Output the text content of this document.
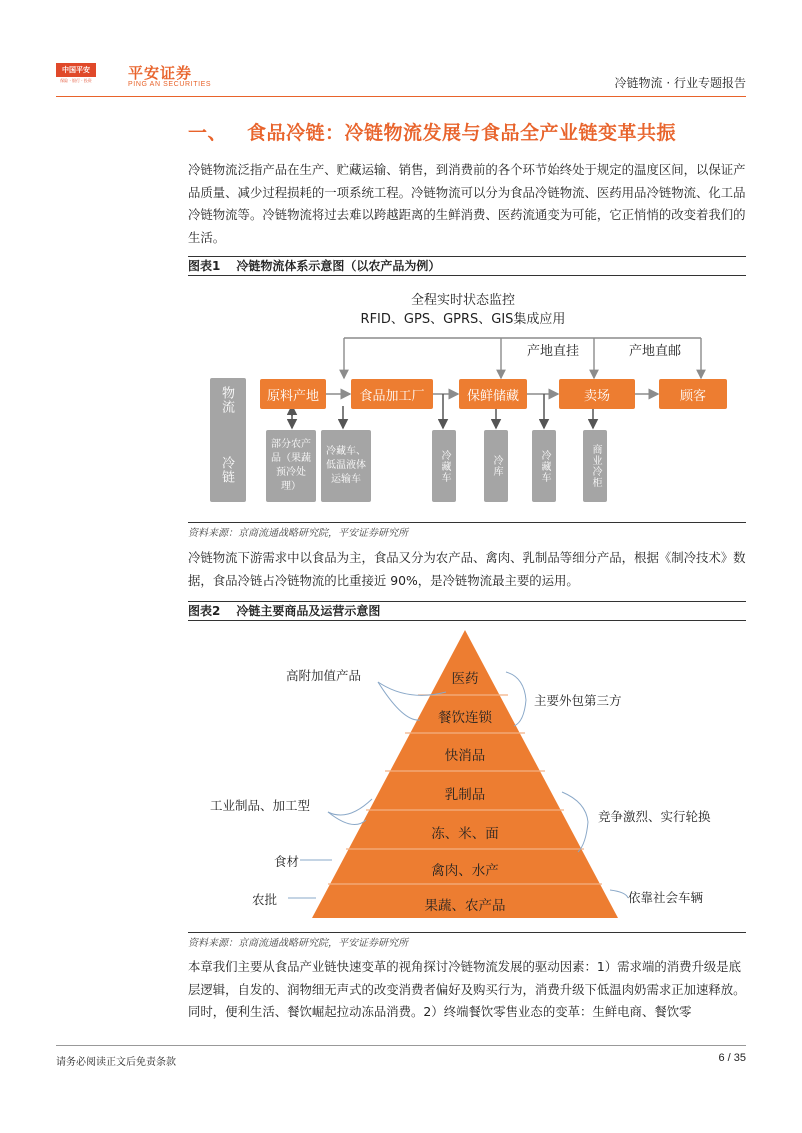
中国平安
保险 · 银行 · 投资 平安证券
PING AN SECURITIES	冷链物流 · 行业专题报告
一、 食品冷链：冷链物流发展与食品全产业链变革共振
冷链物流泛指产品在生产、贮藏运输、销售，到消费前的各个环节始终处于规定的温度区间，以保证产品质量、减少过程损耗的一项系统工程。冷链物流可以分为食品冷链物流、医药用品冷链物流、化工品冷链物流等。冷链物流将过去难以跨越距离的生鲜消费、医药流通变为可能，它正悄悄的改变着我们的生活。
图表1 冷链物流体系示意图（以农产品为例）
全程实时状态监控
RFID、GPS、GPRS、GIS集成应用
产地直挂	产地直邮
物流
冷链
原料产地	食品加工厂	保鲜储藏	卖场	顾客
部分农产品（果蔬预冷处理）
冷藏车、低温液体运输车	冷藏车	冷库	冷藏车	商业冷柜
资料来源：京商流通战略研究院，平安证券研究所
冷链物流下游需求中以食品为主，食品又分为农产品、禽肉、乳制品等细分产品，根据《制冷技术》数据，食品冷链占冷链物流的比重接近 90%，是冷链物流最主要的运用。
图表2 冷链主要商品及运营示意图
医药
餐饮连锁
快消品
乳制品
冻、米、面
禽肉、水产
果蔬、农产品
高附加值产品
工业制品、加工型
食材
农批
主要外包第三方
竞争激烈、实行轮换
依靠社会车辆
资料来源：京商流通战略研究院，平安证券研究所
本章我们主要从食品产业链快速变革的视角探讨冷链物流发展的驱动因素：1）需求端的消费升级是底层逻辑，自发的、润物细无声式的改变消费者偏好及购买行为，消费升级下低温肉奶需求正加速释放。同时，便利生活、餐饮崛起拉动冻品消费。2）终端餐饮零售业态的变革：生鲜电商、餐饮零
请务必阅读正文后免责条款	6 / 35
